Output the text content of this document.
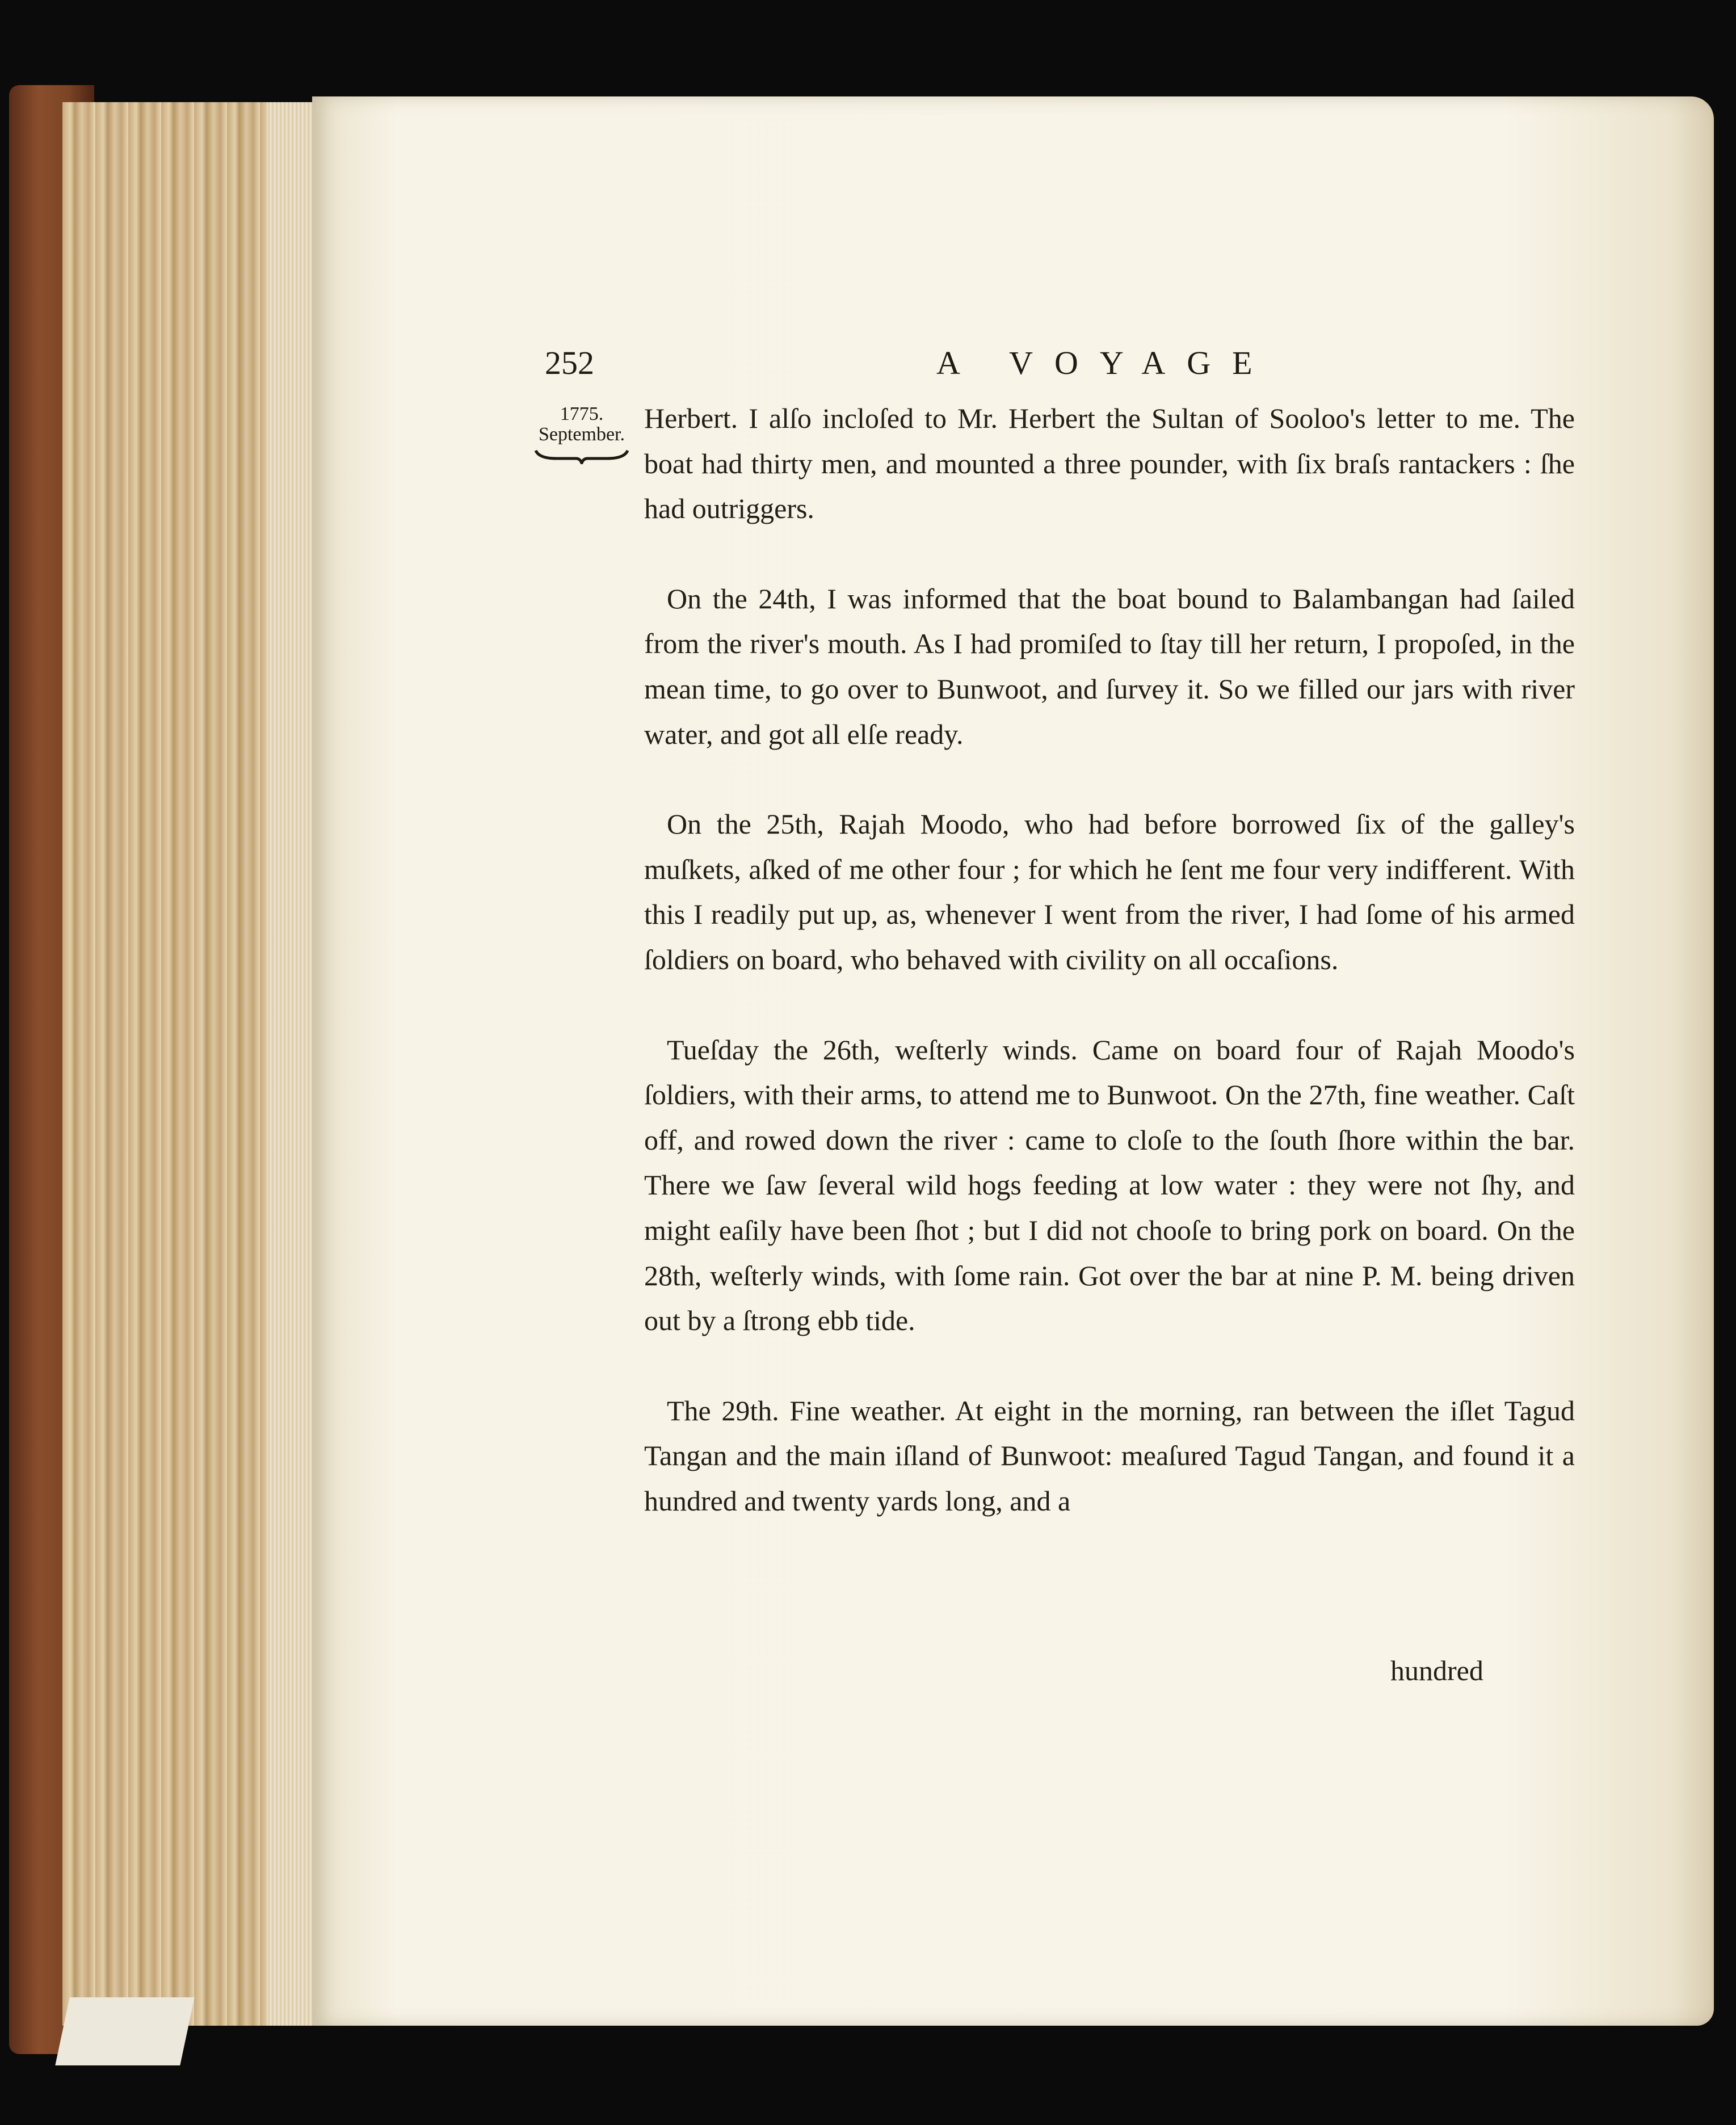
252	A VOYAGE
1775.
September.

Herbert. I alſo incloſed to Mr. Herbert the Sultan of Sooloo's letter to me. The boat had thirty men, and mounted a three pounder, with ſix braſs rantackers : ſhe had outriggers.

On the 24th, I was informed that the boat bound to Balambangan had ſailed from the river's mouth. As I had promiſed to ſtay till her return, I propoſed, in the mean time, to go over to Bunwoot, and ſurvey it. So we filled our jars with river water, and got all elſe ready.

On the 25th, Rajah Moodo, who had before borrowed ſix of the galley's muſkets, aſked of me other four ; for which he ſent me four very indifferent. With this I readily put up, as, whenever I went from the river, I had ſome of his armed ſoldiers on board, who behaved with civility on all occaſions.

Tueſday the 26th, weſterly winds. Came on board four of Rajah Moodo's ſoldiers, with their arms, to attend me to Bunwoot. On the 27th, fine weather. Caſt off, and rowed down the river : came to cloſe to the ſouth ſhore within the bar. There we ſaw ſeveral wild hogs feeding at low water : they were not ſhy, and might eaſily have been ſhot ; but I did not chooſe to bring pork on board. On the 28th, weſterly winds, with ſome rain. Got over the bar at nine P. M. being driven out by a ſtrong ebb tide.

The 29th. Fine weather. At eight in the morning, ran between the iſlet Tagud Tangan and the main iſland of Bunwoot: meaſured Tagud Tangan, and found it a hundred and twenty yards long, and a

hundred
